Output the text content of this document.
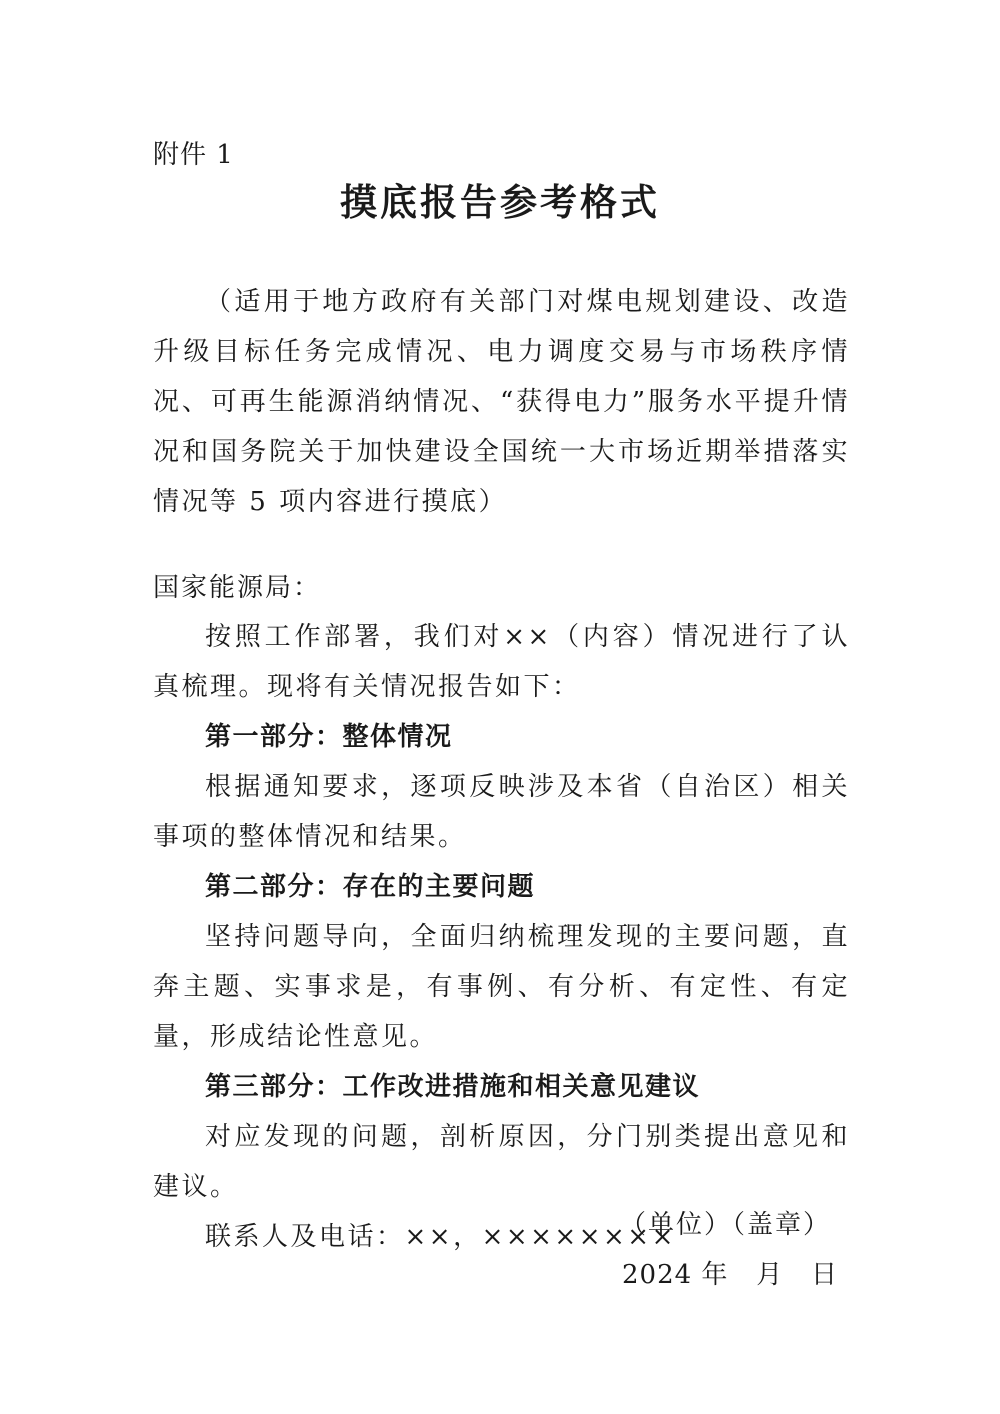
附件 1
摸底报告参考格式
（适用于地方政府有关部门对煤电规划建设、改造升级目标任务完成情况、电力调度交易与市场秩序情况、可再生能源消纳情况、“获得电力”服务水平提升情况和国务院关于加快建设全国统一大市场近期举措落实情况等 5 项内容进行摸底）
国家能源局：

按照工作部署，我们对××（内容）情况进行了认真梳理。现将有关情况报告如下：

第一部分：整体情况

根据通知要求，逐项反映涉及本省（自治区）相关事项的整体情况和结果。

第二部分：存在的主要问题

坚持问题导向，全面归纳梳理发现的主要问题，直奔主题、实事求是，有事例、有分析、有定性、有定量，形成结论性意见。

第三部分：工作改进措施和相关意见建议

对应发现的问题，剖析原因，分门别类提出意见和建议。

联系人及电话：××，××××××××

（单位）（盖章）
2024 年   月   日
